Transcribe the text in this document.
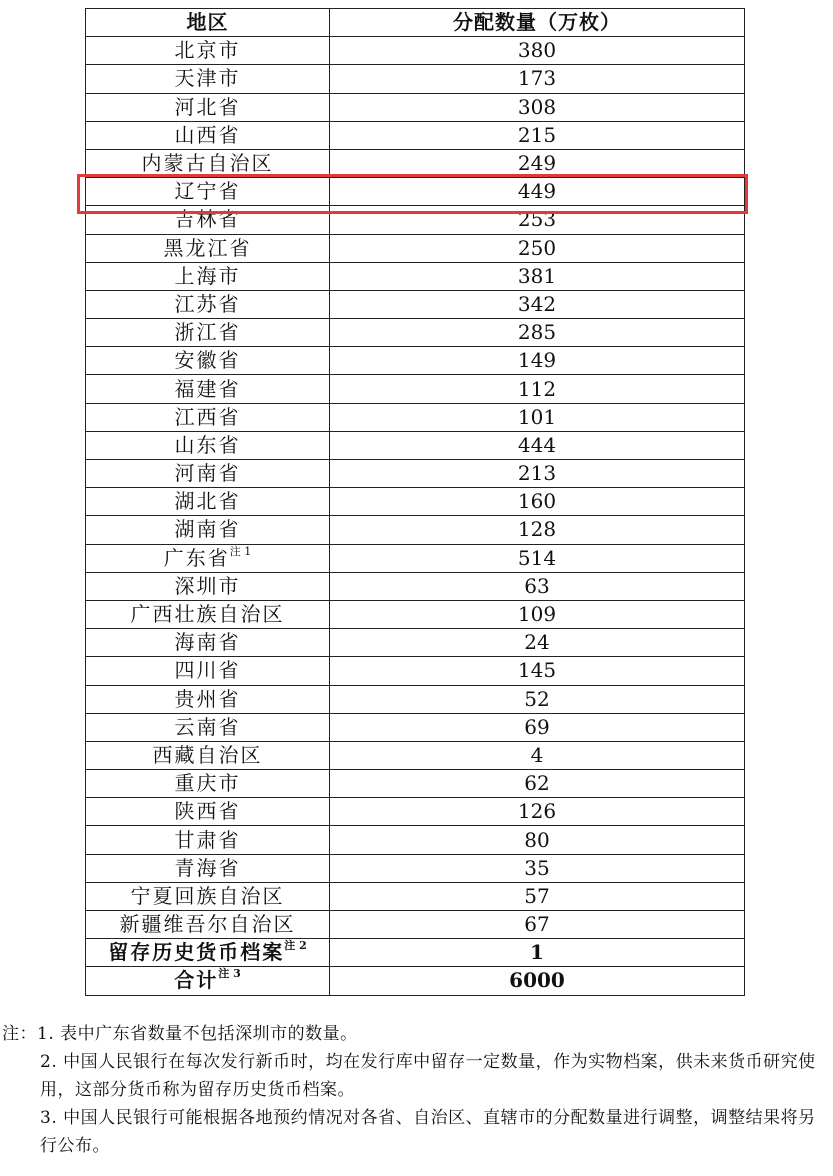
地区	分配数量（万枚）
北京市	380
天津市	173
河北省	308
山西省	215
内蒙古自治区	249
辽宁省	449
吉林省	253
黑龙江省	250
上海市	381
江苏省	342
浙江省	285
安徽省	149
福建省	112
江西省	101
山东省	444
河南省	213
湖北省	160
湖南省	128
广东省$^{注 1}$	514
深圳市	63
广西壮族自治区	109
海南省	24
四川省	145
贵州省	52
云南省	69
西藏自治区	4
重庆市	62
陕西省	126
甘肃省	80
青海省	35
宁夏回族自治区	57
新疆维吾尔自治区	67
留存历史货币档案$^{注 2}$	1
合计$^{注 3}$	6000

注：1. 表中广东省数量不包括深圳市的数量。

2. 中国人民银行在每次发行新币时，均在发行库中留存一定数量，作为实物档案，供未来货币研究使用，这部分货币称为留存历史货币档案。

3. 中国人民银行可能根据各地预约情况对各省、自治区、直辖市的分配数量进行调整，调整结果将另行公布。
